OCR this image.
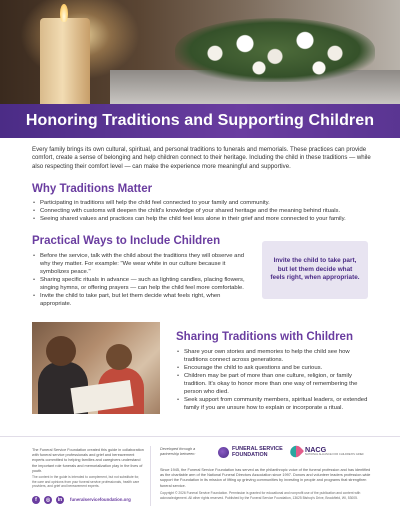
Honoring Traditions and Supporting Children

Every family brings its own cultural, spiritual, and personal traditions to funerals and memorials. These practices can provide comfort, create a sense of belonging and help children connect to their heritage. Including the child in these traditions — while also respecting their comfort level — can make the experience more meaningful and supportive.

Why Traditions Matter
• Participating in traditions will help the child feel connected to your family and community.
• Connecting with customs will deepen the child's knowledge of your shared heritage and the meaning behind rituals.
• Seeing shared values and practices can help the child feel less alone in their grief and more connected to your family.
Practical Ways to Include Children
• Before the service, talk with the child about the traditions they will observe and why they matter. For example: "We wear white in our culture because it symbolizes peace."
• Sharing specific rituals in advance — such as lighting candles, placing flowers, singing hymns, or offering prayers — can help the child feel more comfortable.
• Invite the child to take part, but let them decide what feels right, when appropriate.
Invite the child to take part, but let them decide what feels right, when appropriate.
Sharing Traditions with Children
• Share your own stories and memories to help the child see how traditions connect across generations.
• Encourage the child to ask questions and be curious.
• Children may be part of more than one culture, religion, or family tradition. It's okay to honor more than one way of remembering the person who died.
• Seek support from community members, spiritual leaders, or extended family if you are unsure how to explain or incorporate a ritual.
The Funeral Service Foundation created this guide in collaboration with funeral service professionals and grief and bereavement experts committed to helping families and caregivers understand the important role funerals and memorialization play in the lives of youth.
The content in the guide is intended to complement, but not substitute for, the care and opinions from your funeral service professionals, health care providers, and grief and bereavement experts.
f	◎	in	funeralservicefoundation.org
Developed through a partnership between:
FUNERAL SERVICE FOUNDATION
NACG
NATIONAL ALLIANCE FOR CHILDREN'S GRIEF
Since 1945, the Funeral Service Foundation has served as the philanthropic voice of the funeral profession and has identified as the charitable arm of the National Funeral Directors Association since 1997. Donors and volunteer leaders profession-wide support the Foundation in its mission of lifting up grieving communities by investing in people and programs that strengthen funeral service.
Copyright © 2026 Funeral Service Foundation. Permission is granted for educational and nonprofit use of the publication and content with acknowledgement. All other rights reserved. Published by the Funeral Service Foundation, 13625 Bishop's Drive, Brookfield, WI, 53005.
